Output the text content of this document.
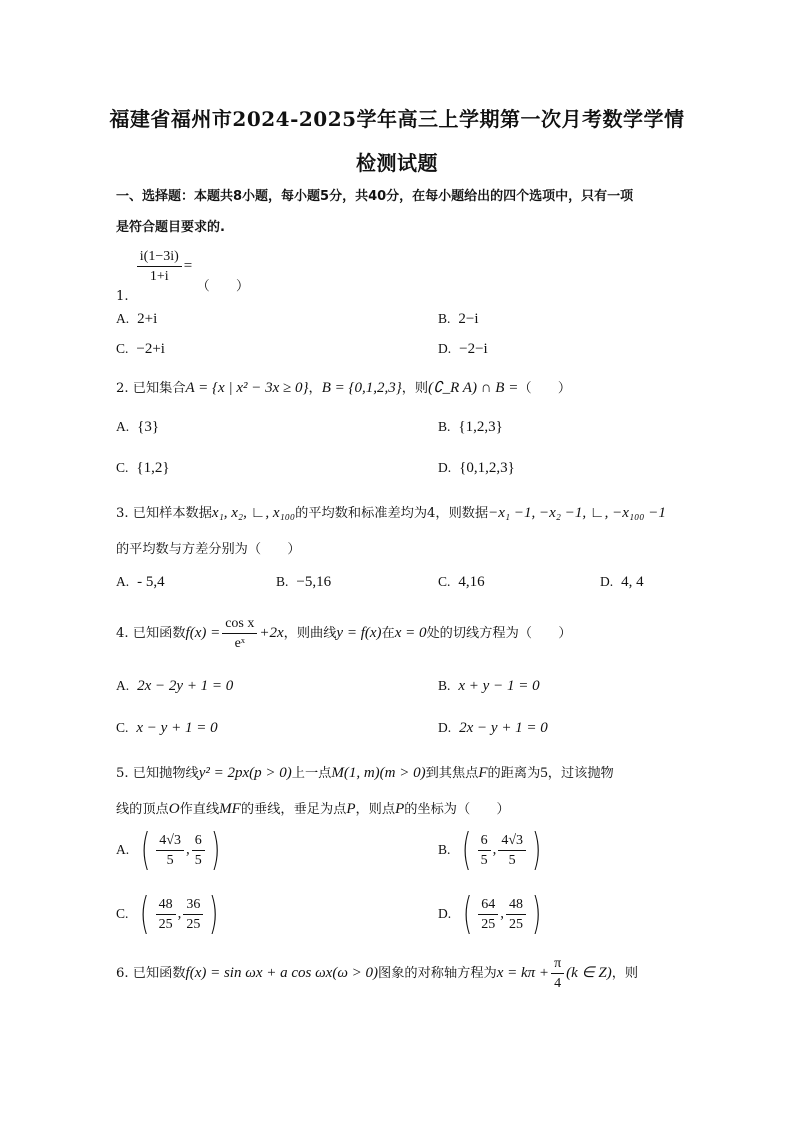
福建省福州市2024-2025学年高三上学期第一次月考数学学情
检测试题
一、选择题：本题共8小题，每小题5分，共40分，在每小题给出的四个选项中，只有一项
是符合题目要求的.
1.
$\frac{i(1-3i)}{1+i}$ = （　　）
A. 2+i	B. 2−i
C. −2+i	D. −2−i
2. 已知集合A = {x | x² − 3x ≥ 0}，B = {0,1,2,3}，则(∁_R A) ∩ B =（　　）
A. {3}	B. {1,2,3}
C. {1,2}	D. {0,1,2,3}
3. 已知样本数据x₁, x₂, ∟, x₁₀₀的平均数和标准差均为4，则数据−x₁ −1, −x₂ −1, ∟, −x₁₀₀ −1
的平均数与方差分别为（　　）
A. - 5,4	B. −5,16	C. 4,16	D. 4, 4
4. 已知函数$f(x) = \frac{\text{cos x}}{\text{eˣ}} +2x$，则曲线y = f(x)在x = 0处的切线方程为（　　）
A. 2x − 2y + 1 = 0	B. x + y − 1 = 0
C. x − y + 1 = 0	D. 2x − y + 1 = 0
5. 已知抛物线y² = 2px(p > 0)上一点M(1, m)(m > 0)到其焦点F的距离为5，过该抛物
线的顶点O作直线MF的垂线，垂足为点P，则点P的坐标为（　　）
A. ( $\frac{4√3}{5}$ , $\frac{6}{5}$ )	B. ( $\frac{6}{5}$ , $\frac{4√3}{5}$ )
C. ( $\frac{48}{25}$ , $\frac{36}{25}$ )	D. ( $\frac{64}{25}$ , $\frac{48}{25}$ )
6. 已知函数f(x) = sin ωx + a cos ωx(ω > 0)图象的对称轴方程为$x = k\pi + \frac{\pi}{4} (k$ ∈ Z)，则
